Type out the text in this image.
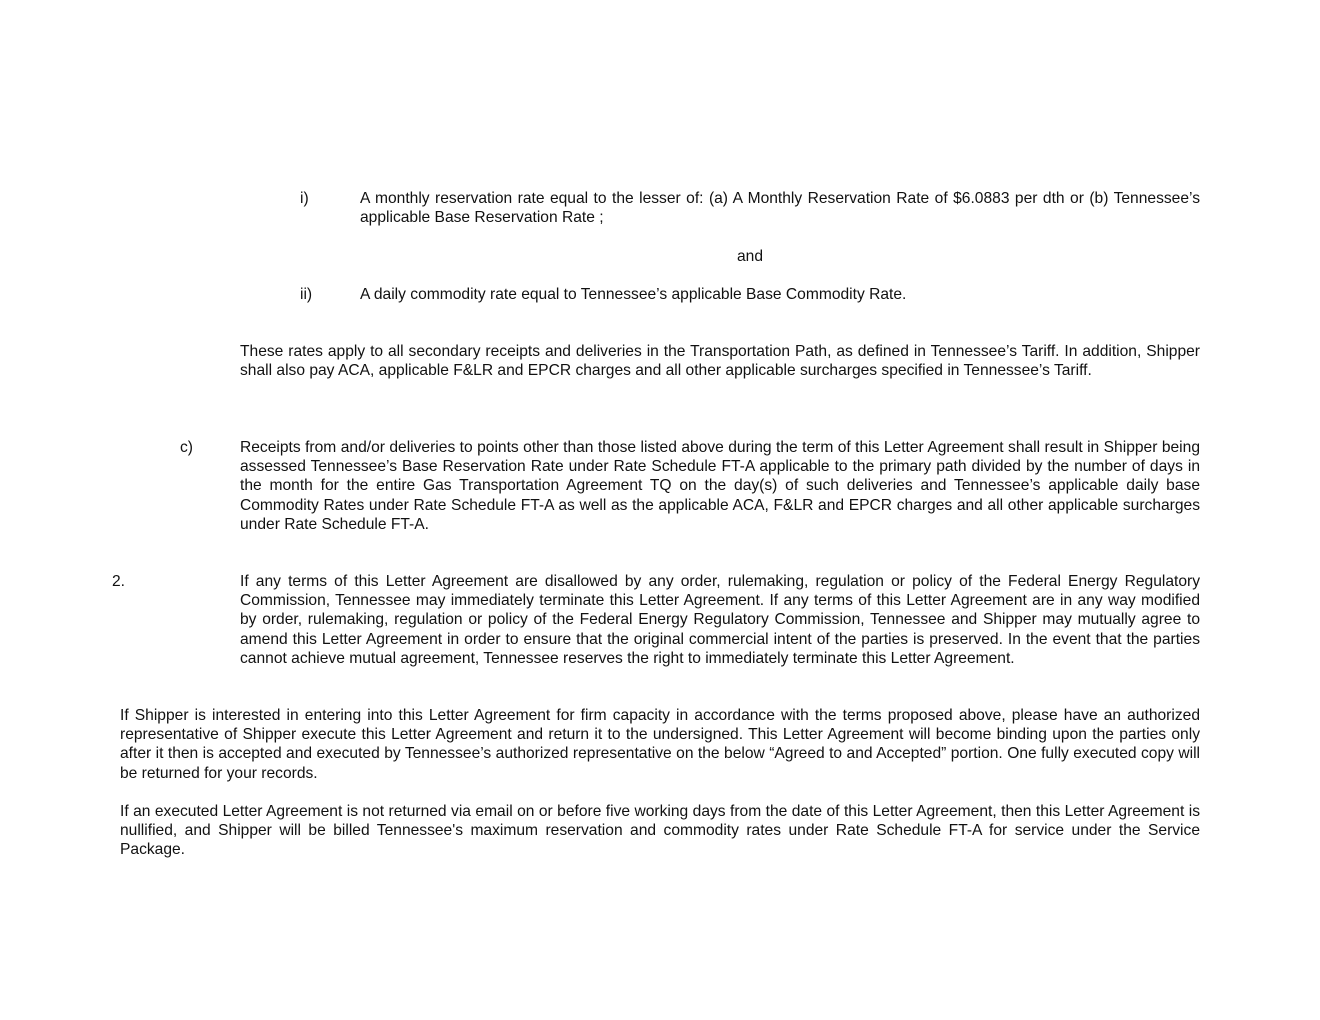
i)	A monthly reservation rate equal to the lesser of: (a) A Monthly Reservation Rate of $6.0883 per dth or (b) Tennessee’s applicable Base Reservation Rate ;

and
ii)	A daily commodity rate equal to Tennessee’s applicable Base Commodity Rate.

These rates apply to all secondary receipts and deliveries in the Transportation Path, as defined in Tennessee’s Tariff. In addition, Shipper shall also pay ACA, applicable F&LR and EPCR charges and all other applicable surcharges specified in Tennessee’s Tariff.

c)	Receipts from and/or deliveries to points other than those listed above during the term of this Letter Agreement shall result in Shipper being assessed Tennessee’s Base Reservation Rate under Rate Schedule FT-A applicable to the primary path divided by the number of days in the month for the entire Gas Transportation Agreement TQ on the day(s) of such deliveries and Tennessee’s applicable daily base Commodity Rates under Rate Schedule FT-A as well as the applicable ACA, F&LR and EPCR charges and all other applicable surcharges under Rate Schedule FT-A.

2.	If any terms of this Letter Agreement are disallowed by any order, rulemaking, regulation or policy of the Federal Energy Regulatory Commission, Tennessee may immediately terminate this Letter Agreement. If any terms of this Letter Agreement are in any way modified by order, rulemaking, regulation or policy of the Federal Energy Regulatory Commission, Tennessee and Shipper may mutually agree to amend this Letter Agreement in order to ensure that the original commercial intent of the parties is preserved. In the event that the parties cannot achieve mutual agreement, Tennessee reserves the right to immediately terminate this Letter Agreement.

If Shipper is interested in entering into this Letter Agreement for firm capacity in accordance with the terms proposed above, please have an authorized representative of Shipper execute this Letter Agreement and return it to the undersigned. This Letter Agreement will become binding upon the parties only after it then is accepted and executed by Tennessee’s authorized representative on the below “Agreed to and Accepted” portion. One fully executed copy will be returned for your records.

If an executed Letter Agreement is not returned via email on or before five working days from the date of this Letter Agreement, then this Letter Agreement is nullified, and Shipper will be billed Tennessee's maximum reservation and commodity rates under Rate Schedule FT-A for service under the Service Package.
